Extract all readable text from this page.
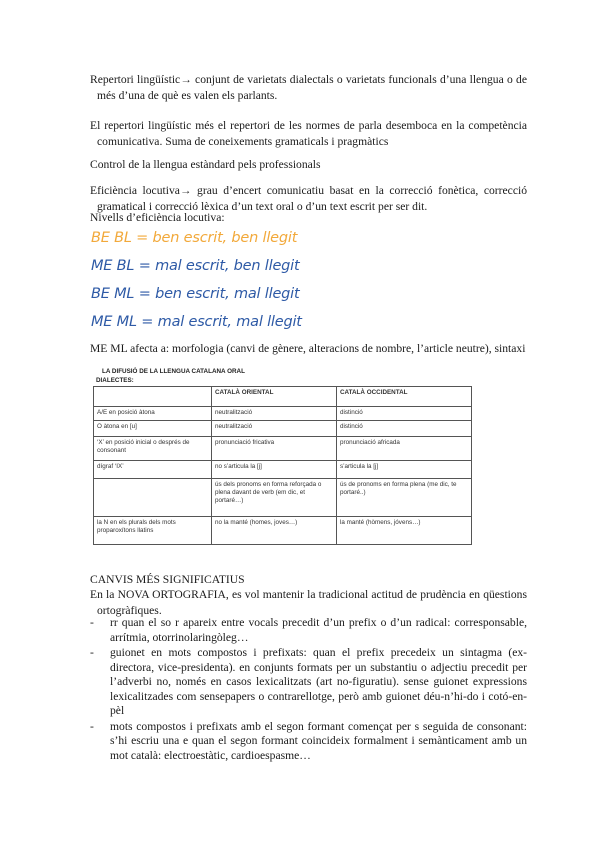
Repertori lingüístic→ conjunt de varietats dialectals o varietats funcionals d’una llengua o de més d’una de què es valen els parlants.

El repertori lingüístic més el repertori de les normes de parla desemboca en la competència comunicativa. Suma de coneixements gramaticals i pragmàtics

Control de la llengua estàndard pels professionals

Eficiència locutiva→ grau d’encert comunicatiu basat en la correcció fonètica, correcció gramatical i correcció lèxica d’un text oral o d’un text escrit per ser dit.

Nivells d’eficiència locutiva:

BE BL = ben escrit, ben llegit

ME BL = mal escrit, ben llegit

BE ML = ben escrit, mal llegit

ME ML = mal escrit, mal llegit

ME ML afecta a: morfologia (canvi de gènere, alteracions de nombre, l’article neutre), sintaxi

LA DIFUSIÓ DE LA LLENGUA CATALANA ORAL

DIALECTES:

	CATALÀ ORIENTAL	CATALÀ OCCIDENTAL
A/E en posició àtona	neutralització	distinció
O àtona en [u]	neutralització	distinció
‘X’ en posició inicial o després de consonant	pronunciació fricativa	pronunciació africada
dígraf ‘IX’	no s’articula la [j]	s’articula la [j]
	ús dels pronoms en forma reforçada o plena davant de verb (em dic, et portaré…)	ús de pronoms en forma plena (me dic, te portaré..)
la N en els plurals dels mots proparoxítons llatins	no la manté (homes, joves…)	la manté (hòmens, jóvens…)

CANVIS MÉS SIGNIFICATIUS

En la NOVA ORTOGRAFIA, es vol mantenir la tradicional actitud de prudència en qüestions ortogràfiques.

- rr quan el so r apareix entre vocals precedit d’un prefix o d’un radical: corresponsable, arrítmia, otorrinolaringòleg…
- guionet en mots compostos i prefixats: quan el prefix precedeix un sintagma (ex-directora, vice-presidenta). en conjunts formats per un substantiu o adjectiu precedit per l’adverbi no, només en casos lexicalitzats (art no-figuratiu). sense guionet expressions lexicalitzades com sensepapers o contrarellotge, però amb guionet déu-n’hi-do i cotó-en-pèl
- mots compostos i prefixats amb el segon formant començat per s seguida de consonant: s’hi escriu una e quan el segon formant coincideix formalment i semànticament amb un mot català: electroestàtic, cardioespasme…
